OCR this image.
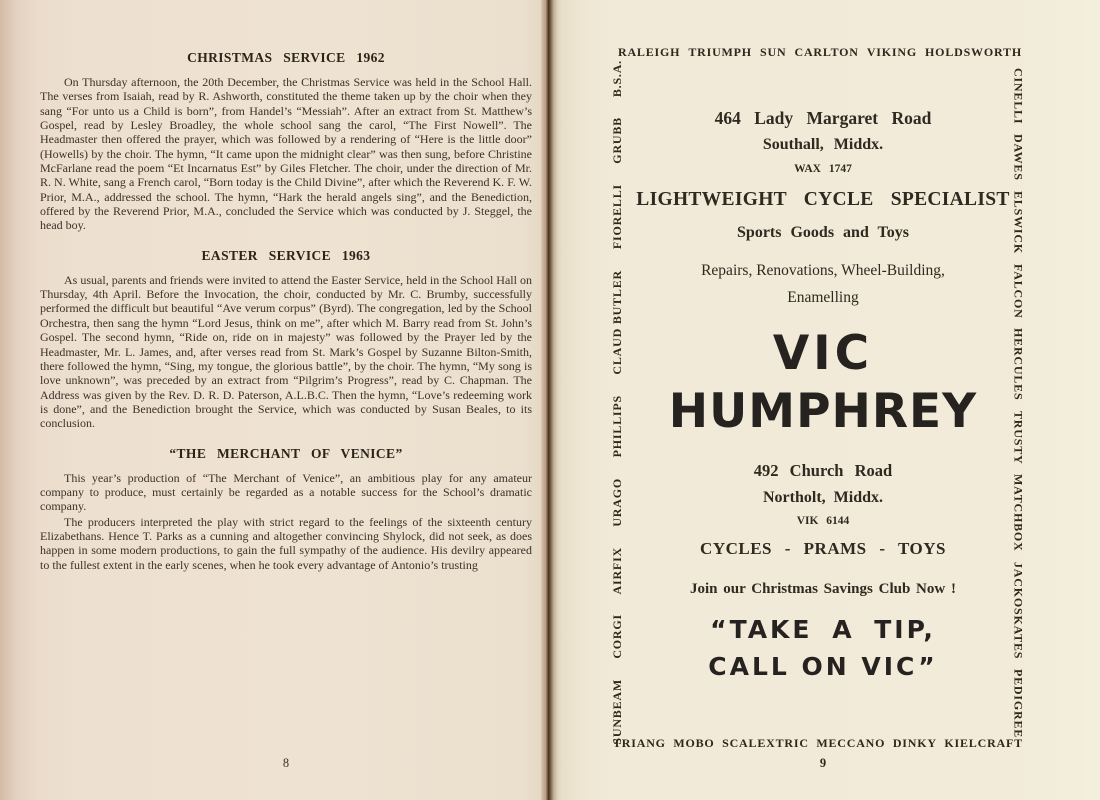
CHRISTMAS SERVICE 1962

On Thursday afternoon, the 20th December, the Christmas Service was held in the School Hall. The verses from Isaiah, read by R. Ashworth, constituted the theme taken up by the choir when they sang “For unto us a Child is born”, from Handel’s “Messiah”. After an extract from St. Matthew’s Gospel, read by Lesley Broadley, the whole school sang the carol, “The First Nowell”. The Headmaster then offered the prayer, which was followed by a rendering of “Here is the little door” (Howells) by the choir. The hymn, “It came upon the midnight clear” was then sung, before Christine McFarlane read the poem “Et Incarnatus Est” by Giles Fletcher. The choir, under the direction of Mr. R. N. White, sang a French carol, “Born today is the Child Divine”, after which the Reverend K. F. W. Prior, M.A., addressed the school. The hymn, “Hark the herald angels sing”, and the Benediction, offered by the Reverend Prior, M.A., concluded the Service which was conducted by J. Steggel, the head boy.

EASTER SERVICE 1963

As usual, parents and friends were invited to attend the Easter Service, held in the School Hall on Thursday, 4th April. Before the Invocation, the choir, conducted by Mr. C. Brumby, successfully performed the difficult but beautiful “Ave verum corpus” (Byrd). The congregation, led by the School Orchestra, then sang the hymn “Lord Jesus, think on me”, after which M. Barry read from St. John’s Gospel. The second hymn, “Ride on, ride on in majesty” was followed by the Prayer led by the Headmaster, Mr. L. James, and, after verses read from St. Mark’s Gospel by Suzanne Bilton-Smith, there followed the hymn, “Sing, my tongue, the glorious battle”, by the choir. The hymn, “My song is love unknown”, was preceded by an extract from “Pilgrim’s Progress”, read by C. Chapman. The Address was given by the Rev. D. R. D. Paterson, A.L.B.C. Then the hymn, “Love’s redeeming work is done”, and the Benediction brought the Service, which was conducted by Susan Beales, to its conclusion.

“THE MERCHANT OF VENICE”

This year’s production of “The Merchant of Venice”, an ambitious play for any amateur company to produce, must certainly be regarded as a notable success for the School’s dramatic company.

The producers interpreted the play with strict regard to the feelings of the sixteenth century Elizabethans. Hence T. Parks as a cunning and altogether convincing Shylock, did not seek, as does happen in some modern productions, to gain the full sympathy of the audience. His devilry appeared to the fullest extent in the early scenes, when he took every advantage of Antonio’s trusting

8
RALEIGH TRIUMPH SUN CARLTON VIKING HOLDSWORTH
B.S.A.
GRUBB
FIORELLI
CLAUD BUTLER
PHILLIPS
URAGO
AIRFIX
CORGI
SUNBEAM
CINELLI
DAWES
ELSWICK
FALCON
HERCULES
TRUSTY
MATCHBOX
JACKOSKATES
PEDIGREE
TRIANG MOBO SCALEXTRIC MECCANO DINKY KIELCRAFT
464 Lady Margaret Road
Southall, Middx.
WAX 1747
LIGHTWEIGHT CYCLE SPECIALIST
Sports Goods and Toys
Repairs, Renovations, Wheel-Building,
Enamelling
VIC
HUMPHREY
492 Church Road
Northolt, Middx.
VIK 6144
CYCLES - PRAMS - TOYS
Join our Christmas Savings Club Now !
“TAKE A TIP,
CALL ON VIC”
9
